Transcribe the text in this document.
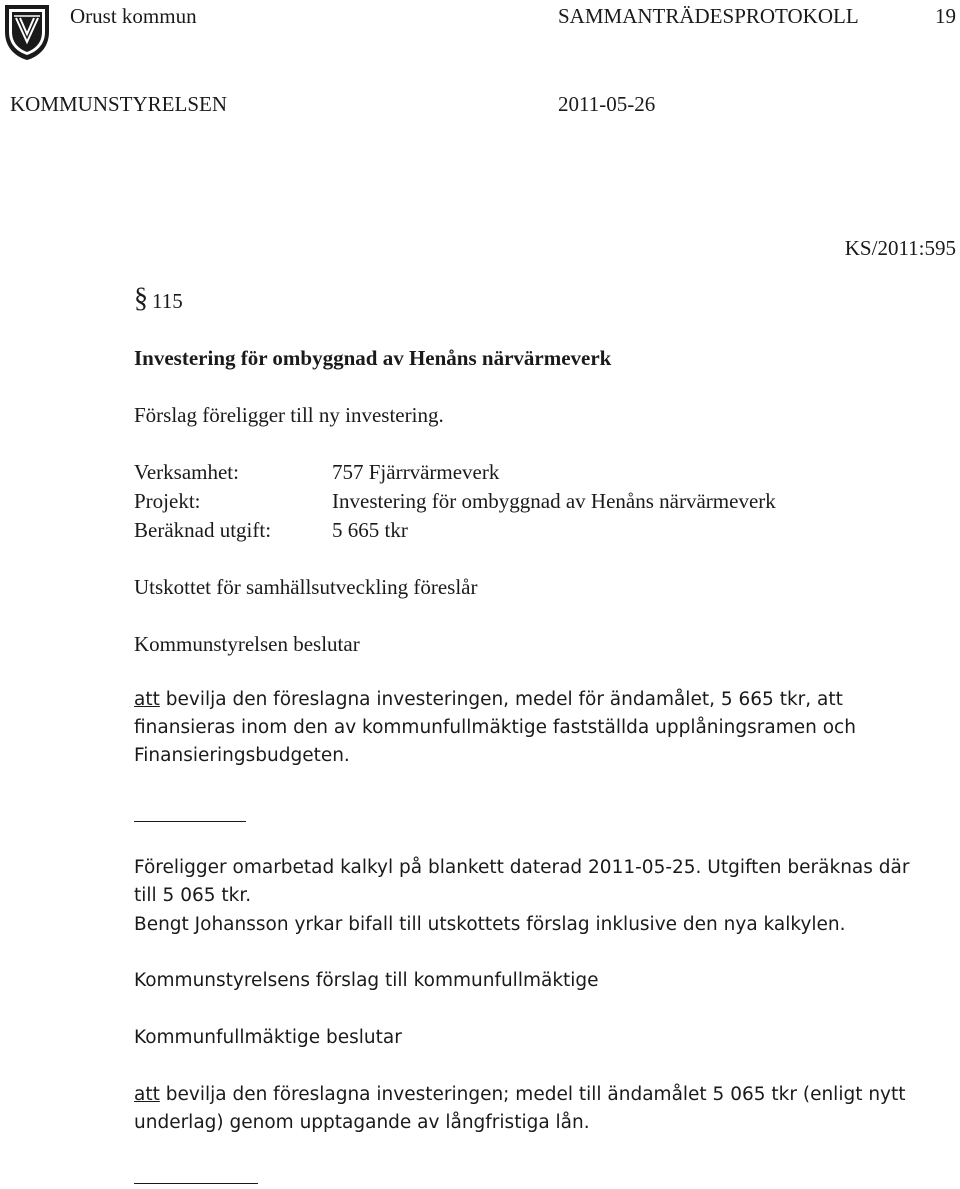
Orust kommun	SAMMANTRÄDESPROTOKOLL	19
KOMMUNSTYRELSEN	2011-05-26
KS/2011:595
§ 115
Investering för ombyggnad av Henåns närvärmeverk
Förslag föreligger till ny investering.
Verksamhet:	757 Fjärrvärmeverk
Projekt:	Investering för ombyggnad av Henåns närvärmeverk
Beräknad utgift:	5 665 tkr
Utskottet för samhällsutveckling föreslår
Kommunstyrelsen beslutar
att bevilja den föreslagna investeringen, medel för ändamålet, 5 665 tkr, att
finansieras inom den av kommunfullmäktige fastställda upplåningsramen och
Finansieringsbudgeten.
Föreligger omarbetad kalkyl på blankett daterad 2011-05-25. Utgiften beräknas där
till 5 065 tkr.
Bengt Johansson yrkar bifall till utskottets förslag inklusive den nya kalkylen.
Kommunstyrelsens förslag till kommunfullmäktige
Kommunfullmäktige beslutar
att bevilja den föreslagna investeringen; medel till ändamålet 5 065 tkr (enligt nytt
underlag) genom upptagande av långfristiga lån.
